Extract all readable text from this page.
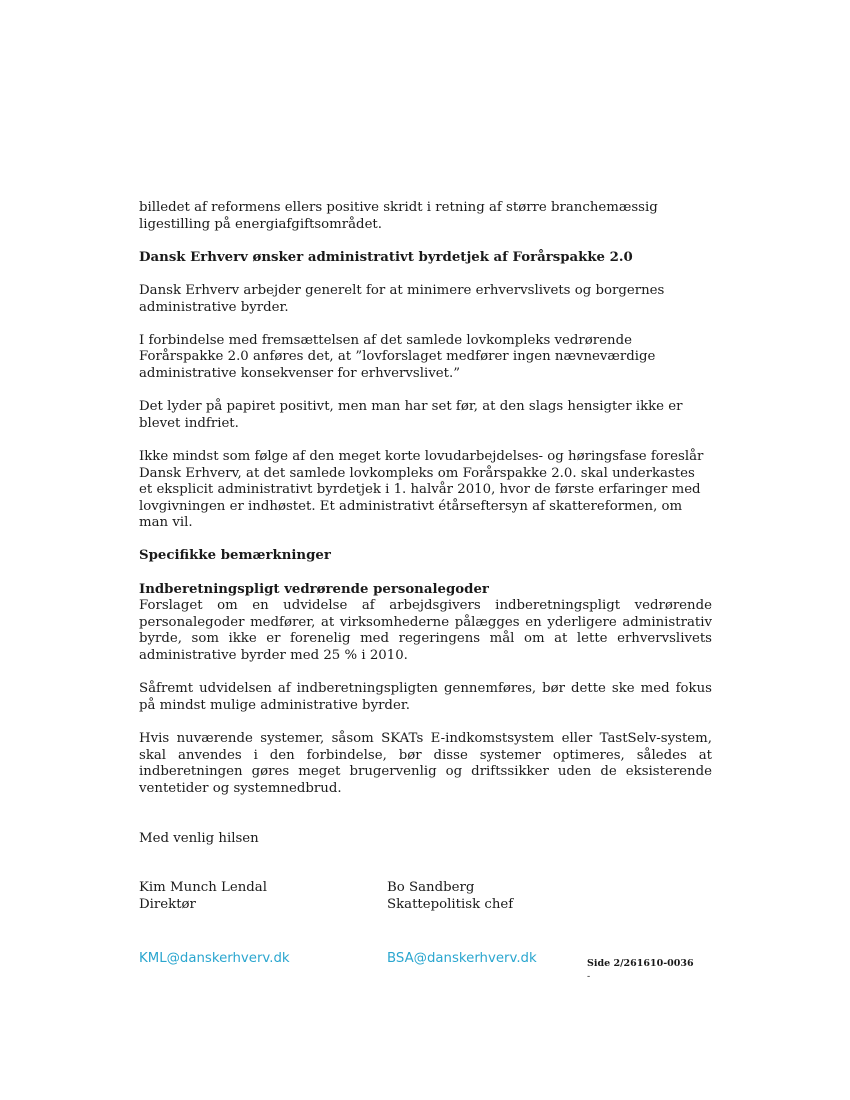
billedet af reformens ellers positive skridt i retning af større branchemæssig ligestilling på energiafgiftsområdet.

Dansk Erhverv ønsker administrativt byrdetjek af Forårspakke 2.0

Dansk Erhverv arbejder generelt for at minimere erhvervslivets og borgernes administrative byrder.

I forbindelse med fremsættelsen af det samlede lovkompleks vedrørende Forårspakke 2.0 anføres det, at ”lovforslaget medfører ingen nævneværdige administrative konsekvenser for erhvervslivet.”

Det lyder på papiret positivt, men man har set før, at den slags hensigter ikke er blevet indfriet.

Ikke mindst som følge af den meget korte lovudarbejdelses- og høringsfase foreslår Dansk Erhverv, at det samlede lovkompleks om Forårspakke 2.0. skal underkastes et eksplicit administrativt byrdetjek i 1. halvår 2010, hvor de første erfaringer med lovgivningen er indhøstet. Et administrativt étårseftersyn af skattereformen, om man vil.

Specifikke bemærkninger
Indberetningspligt vedrørende personalegoder

Forslaget om en udvidelse af arbejdsgivers indberetningspligt vedrørende personalegoder medfører, at virksomhederne pålægges en yderligere administrativ byrde, som ikke er forenelig med regeringens mål om at lette erhvervslivets administrative byrder med 25 % i 2010.

Såfremt udvidelsen af indberetningspligten gennemføres, bør dette ske med fokus på mindst mulige administrative byrder.

Hvis nuværende systemer, såsom SKATs E-indkomstsystem eller TastSelv-system, skal anvendes i den forbindelse, bør disse systemer optimeres, således at indberetningen gøres meget brugervenlig og driftssikker uden de eksisterende ventetider og systemnedbrud.

Med venlig hilsen

Kim Munch Lendal

Direktør

KML@danskerhverv.dk

Bo Sandberg

Skattepolitisk chef

BSA@danskerhverv.dk	Side 2/261610-0036
-
